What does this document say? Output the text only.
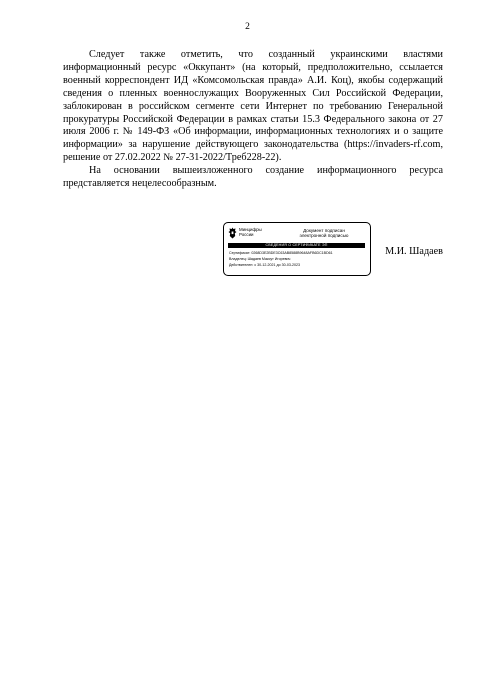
2

Следует также отметить, что созданный украинскими властями информационный ресурс «Оккупант» (на который, предположительно, ссылается военный корреспондент ИД «Комсомольская правда» А.И. Коц), якобы содержащий сведения о пленных военнослужащих Вооруженных Сил Российской Федерации, заблокирован в российском сегменте сети Интернет по требованию Генеральной прокуратуры Российской Федерации в рамках статьи 15.3 Федерального закона от 27 июля 2006 г. № 149-ФЗ «Об информации, информационных технологиях и о защите информации» за нарушение действующего законодательства (https://invaders-rf.com, решение от 27.02.2022 № 27-31-2022/Треб228-22).

На основании вышеизложенного создание информационного ресурса представляется нецелесообразным.

Минцифры
России
Документ подписан
электронной подписью
СВЕДЕНИЯ О СЕРТИФИКАТЕ ЭП
Сертификат: 0268D3E2BDE3C63AB8588B9648AFB6DC1BD61
Владелец: Шадаев Максут Игоревич
Действителен: с 30-12-2021 до 30-03-2023
М.И. Шадаев
